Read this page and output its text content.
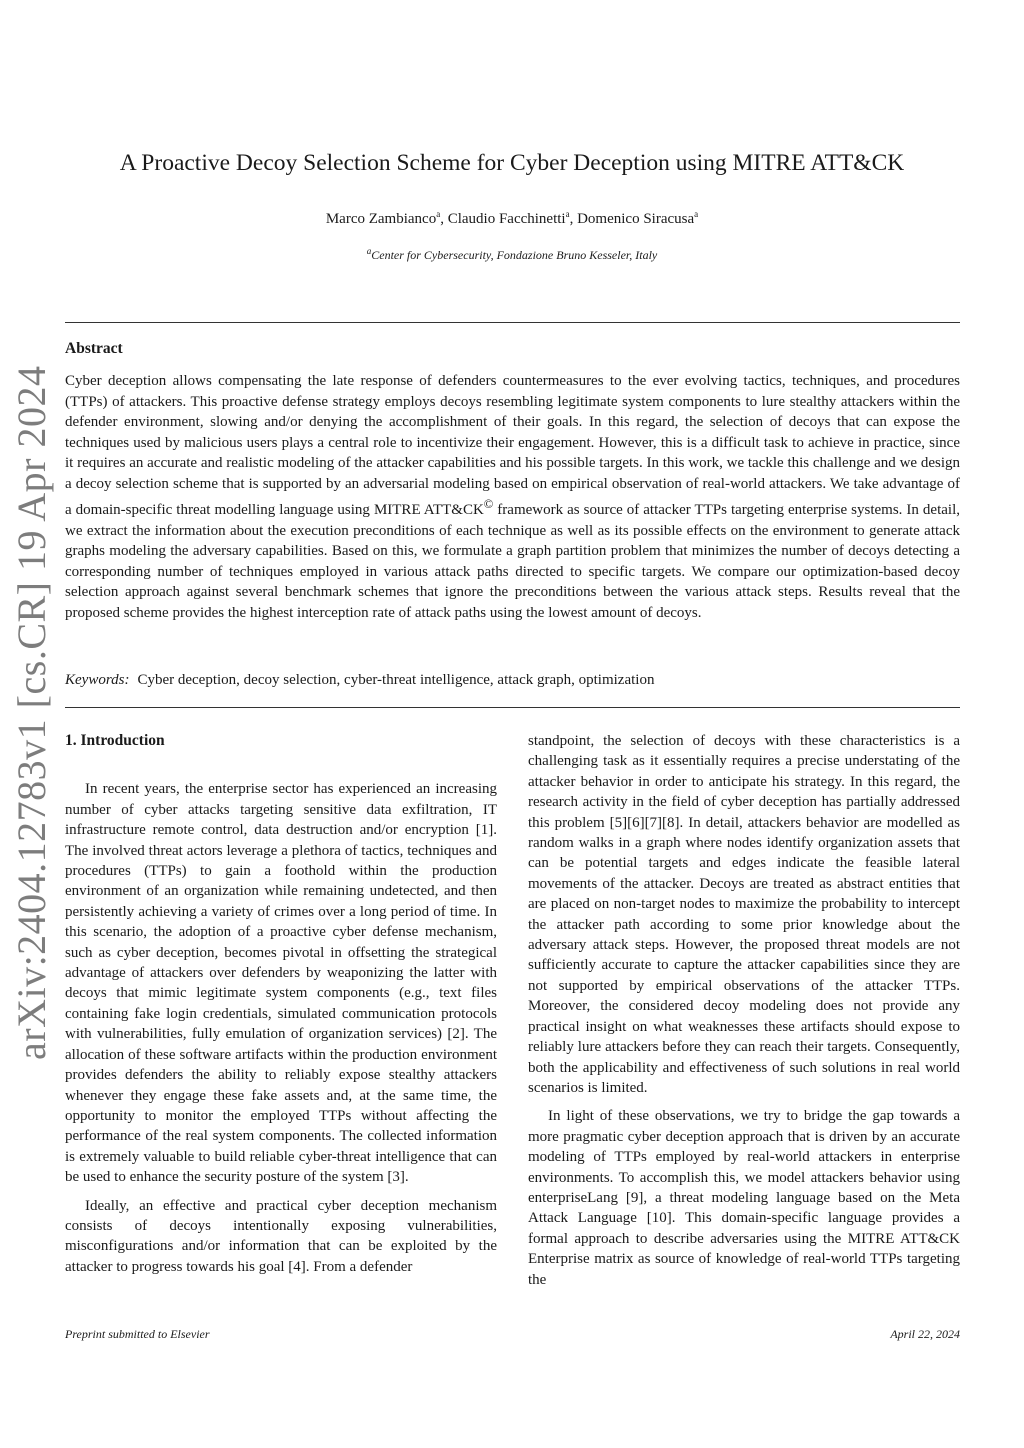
arXiv:2404.12783v1 [cs.CR] 19 Apr 2024
A Proactive Decoy Selection Scheme for Cyber Deception using MITRE ATT&CK
Marco Zambianco$^a$, Claudio Facchinetti$^a$, Domenico Siracusa$^a$
$^a$Center for Cybersecurity, Fondazione Bruno Kesseler, Italy
Abstract
Cyber deception allows compensating the late response of defenders countermeasures to the ever evolving tactics, techniques, and procedures (TTPs) of attackers. This proactive defense strategy employs decoys resembling legitimate system components to lure stealthy attackers within the defender environment, slowing and/or denying the accomplishment of their goals. In this regard, the selection of decoys that can expose the techniques used by malicious users plays a central role to incentivize their engagement. However, this is a difficult task to achieve in practice, since it requires an accurate and realistic modeling of the attacker capabilities and his possible targets. In this work, we tackle this challenge and we design a decoy selection scheme that is supported by an adversarial modeling based on empirical observation of real-world attackers. We take advantage of a domain-specific threat modelling language using MITRE ATT&CK© framework as source of attacker TTPs targeting enterprise systems. In detail, we extract the information about the execution preconditions of each technique as well as its possible effects on the environment to generate attack graphs modeling the adversary capabilities. Based on this, we formulate a graph partition problem that minimizes the number of decoys detecting a corresponding number of techniques employed in various attack paths directed to specific targets. We compare our optimization-based decoy selection approach against several benchmark schemes that ignore the preconditions between the various attack steps. Results reveal that the proposed scheme provides the highest interception rate of attack paths using the lowest amount of decoys.
Keywords: Cyber deception, decoy selection, cyber-threat intelligence, attack graph, optimization
1. Introduction

In recent years, the enterprise sector has experienced an increasing number of cyber attacks targeting sensitive data exfiltration, IT infrastructure remote control, data destruction and/or encryption [1]. The involved threat actors leverage a plethora of tactics, techniques and procedures (TTPs) to gain a foothold within the production environment of an organization while remaining undetected, and then persistently achieving a variety of crimes over a long period of time. In this scenario, the adoption of a proactive cyber defense mechanism, such as cyber deception, becomes pivotal in offsetting the strategical advantage of attackers over defenders by weaponizing the latter with decoys that mimic legitimate system components (e.g., text files containing fake login credentials, simulated communication protocols with vulnerabilities, fully emulation of organization services) [2]. The allocation of these software artifacts within the production environment provides defenders the ability to reliably expose stealthy attackers whenever they engage these fake assets and, at the same time, the opportunity to monitor the employed TTPs without affecting the performance of the real system components. The collected information is extremely valuable to build reliable cyber-threat intelligence that can be used to enhance the security posture of the system [3].

Ideally, an effective and practical cyber deception mechanism consists of decoys intentionally exposing vulnerabilities, misconfigurations and/or information that can be exploited by the attacker to progress towards his goal [4]. From a defender

standpoint, the selection of decoys with these characteristics is a challenging task as it essentially requires a precise understating of the attacker behavior in order to anticipate his strategy. In this regard, the research activity in the field of cyber deception has partially addressed this problem [5][6][7][8]. In detail, attackers behavior are modelled as random walks in a graph where nodes identify organization assets that can be potential targets and edges indicate the feasible lateral movements of the attacker. Decoys are treated as abstract entities that are placed on non-target nodes to maximize the probability to intercept the attacker path according to some prior knowledge about the adversary attack steps. However, the proposed threat models are not sufficiently accurate to capture the attacker capabilities since they are not supported by empirical observations of the attacker TTPs. Moreover, the considered decoy modeling does not provide any practical insight on what weaknesses these artifacts should expose to reliably lure attackers before they can reach their targets. Consequently, both the applicability and effectiveness of such solutions in real world scenarios is limited.

In light of these observations, we try to bridge the gap towards a more pragmatic cyber deception approach that is driven by an accurate modeling of TTPs employed by real-world attackers in enterprise environments. To accomplish this, we model attackers behavior using enterpriseLang [9], a threat modeling language based on the Meta Attack Language [10]. This domain-specific language provides a formal approach to describe adversaries using the MITRE ATT&CK Enterprise matrix as source of knowledge of real-world TTPs targeting the

Preprint submitted to Elsevier	April 22, 2024
